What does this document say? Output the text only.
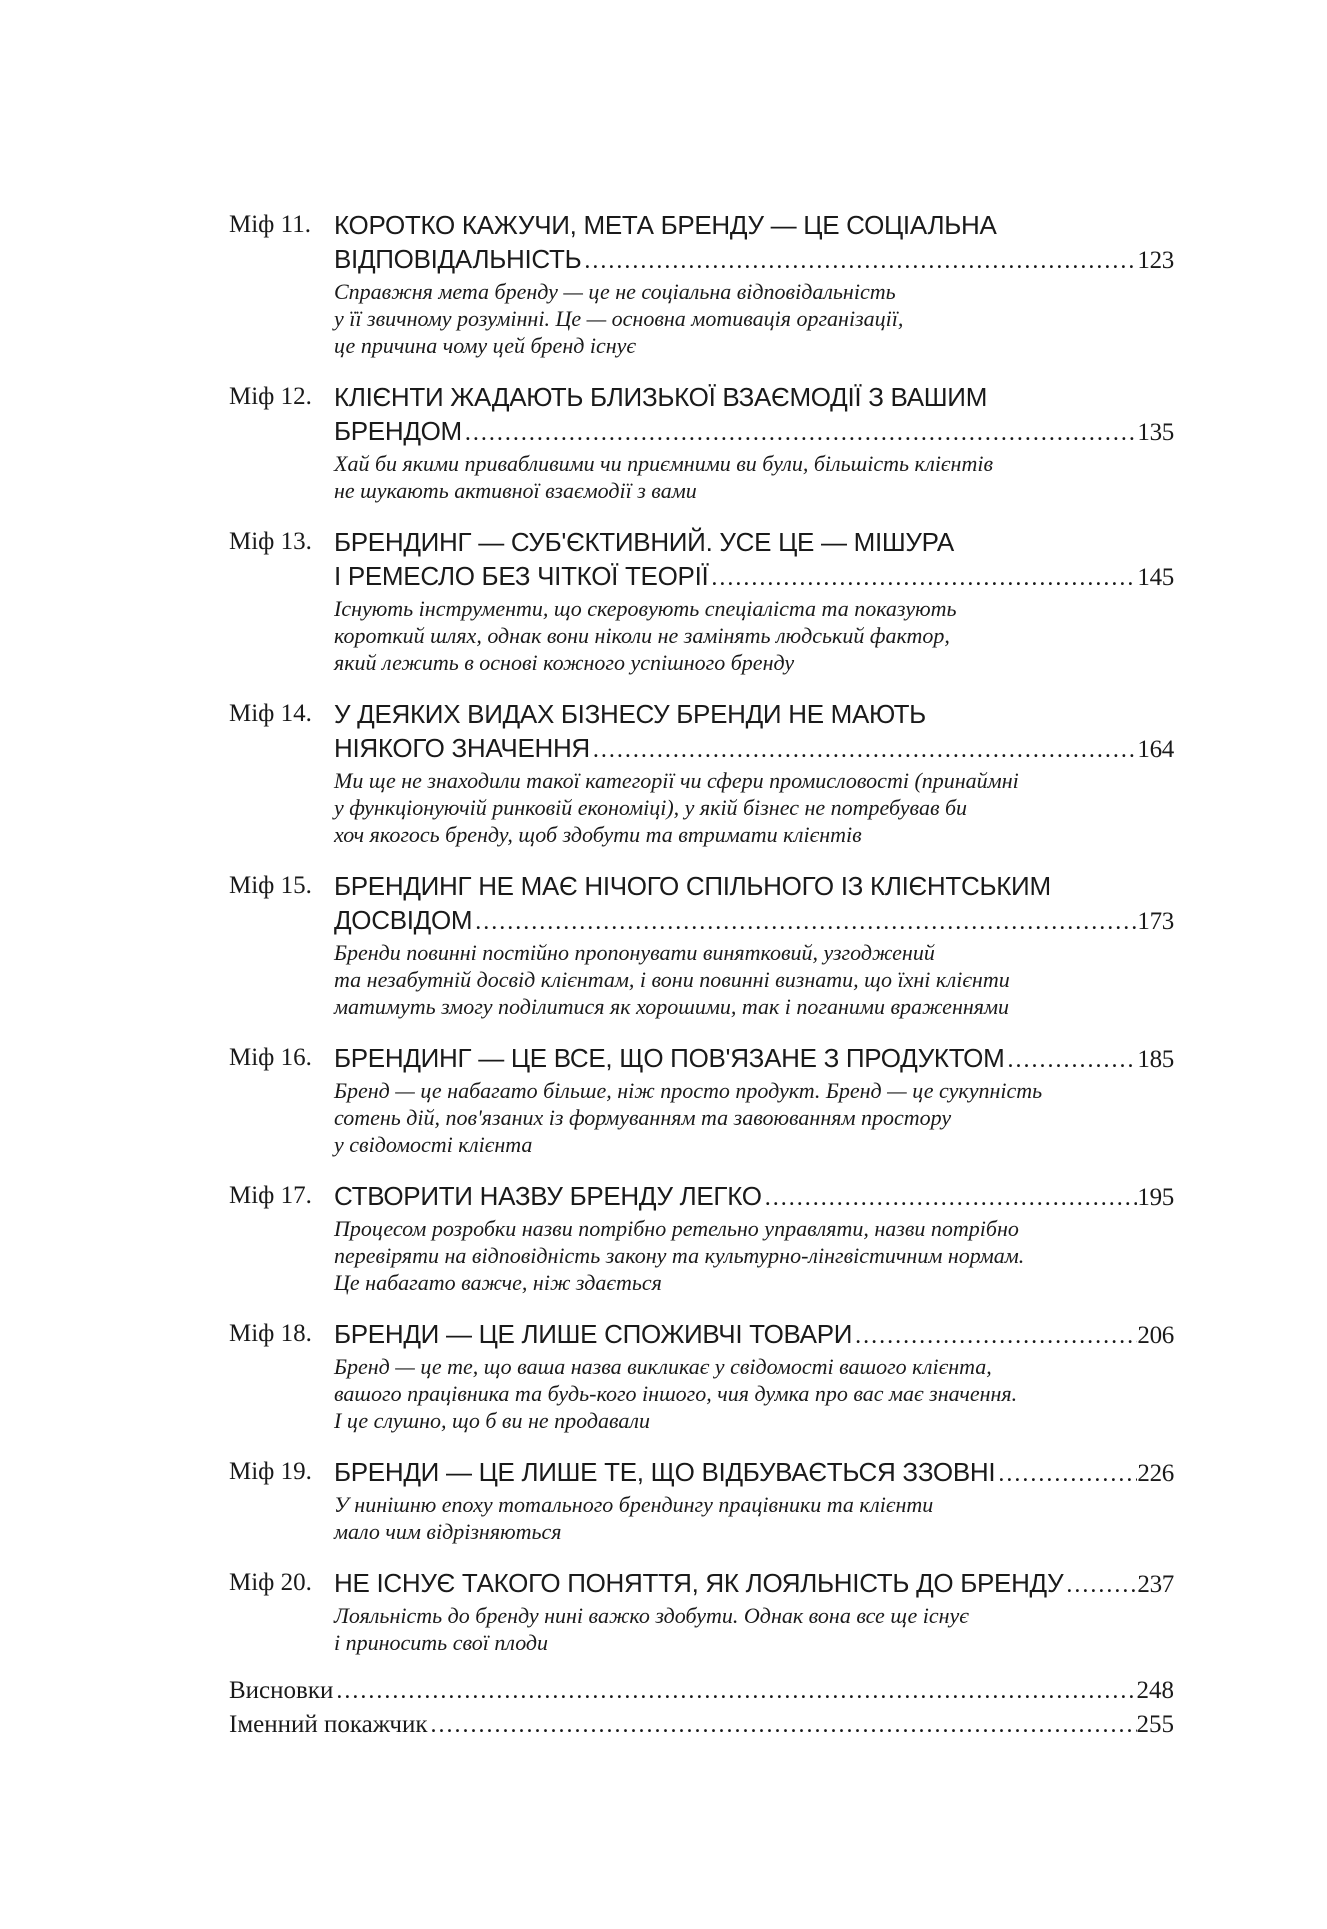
Міф 11. КОРОТКО КАЖУЧИ, МЕТА БРЕНДУ — ЦЕ СОЦІАЛЬНА
ВІДПОВІДАЛЬНІСТЬ . . .	123
Справжня мета бренду — це не соціальна відповідальність
у її звичному розумінні. Це — основна мотивація організації,
це причина чому цей бренд існує
Міф 12. КЛІЄНТИ ЖАДАЮТЬ БЛИЗЬКОЇ ВЗАЄМОДІЇ З ВАШИМ
БРЕНДОМ . . .	135
Хай би якими привабливими чи приємними ви були, більшість клієнтів
не шукають активної взаємодії з вами
Міф 13. БРЕНДИНГ — СУБ'ЄКТИВНИЙ. УСЕ ЦЕ — МІШУРА
І РЕМЕСЛО БЕЗ ЧІТКОЇ ТЕОРІЇ . . .	145
Існують інструменти, що скеровують спеціаліста та показують
короткий шлях, однак вони ніколи не замінять людський фактор,
який лежить в основі кожного успішного бренду
Міф 14. У ДЕЯКИХ ВИДАХ БІЗНЕСУ БРЕНДИ НЕ МАЮТЬ
НІЯКОГО ЗНАЧЕННЯ . . .	164
Ми ще не знаходили такої категорії чи сфери промисловості (принаймні
у функціонуючій ринковій економіці), у якій бізнес не потребував би
хоч якогось бренду, щоб здобути та втримати клієнтів
Міф 15. БРЕНДИНГ НЕ МАЄ НІЧОГО СПІЛЬНОГО ІЗ КЛІЄНТСЬКИМ
ДОСВІДОМ . . .	173
Бренди повинні постійно пропонувати винятковий, узгоджений
та незабутній досвід клієнтам, і вони повинні визнати, що їхні клієнти
матимуть змогу поділитися як хорошими, так і поганими враженнями
Міф 16. БРЕНДИНГ — ЦЕ ВСЕ, ЩО ПОВ'ЯЗАНЕ З ПРОДУКТОМ . . .	185
Бренд — це набагато більше, ніж просто продукт. Бренд — це сукупність
сотень дій, пов'язаних із формуванням та завоюванням простору
у свідомості клієнта
Міф 17. СТВОРИТИ НАЗВУ БРЕНДУ ЛЕГКО . . .	195
Процесом розробки назви потрібно ретельно управляти, назви потрібно
перевіряти на відповідність закону та культурно-лінгвістичним нормам.
Це набагато важче, ніж здається
Міф 18. БРЕНДИ — ЦЕ ЛИШЕ СПОЖИВЧІ ТОВАРИ . . .	206
Бренд — це те, що ваша назва викликає у свідомості вашого клієнта,
вашого працівника та будь-кого іншого, чия думка про вас має значення.
І це слушно, що б ви не продавали
Міф 19. БРЕНДИ — ЦЕ ЛИШЕ ТЕ, ЩО ВІДБУВАЄТЬСЯ ЗЗОВНІ . . .	226
У нинішню епоху тотального брендингу працівники та клієнти
мало чим відрізняються
Міф 20. НЕ ІСНУЄ ТАКОГО ПОНЯТТЯ, ЯК ЛОЯЛЬНІСТЬ ДО БРЕНДУ . . .	237
Лояльність до бренду нині важко здобути. Однак вона все ще існує
і приносить свої плоди
Висновки . . .	248
Іменний покажчик . . .	255
